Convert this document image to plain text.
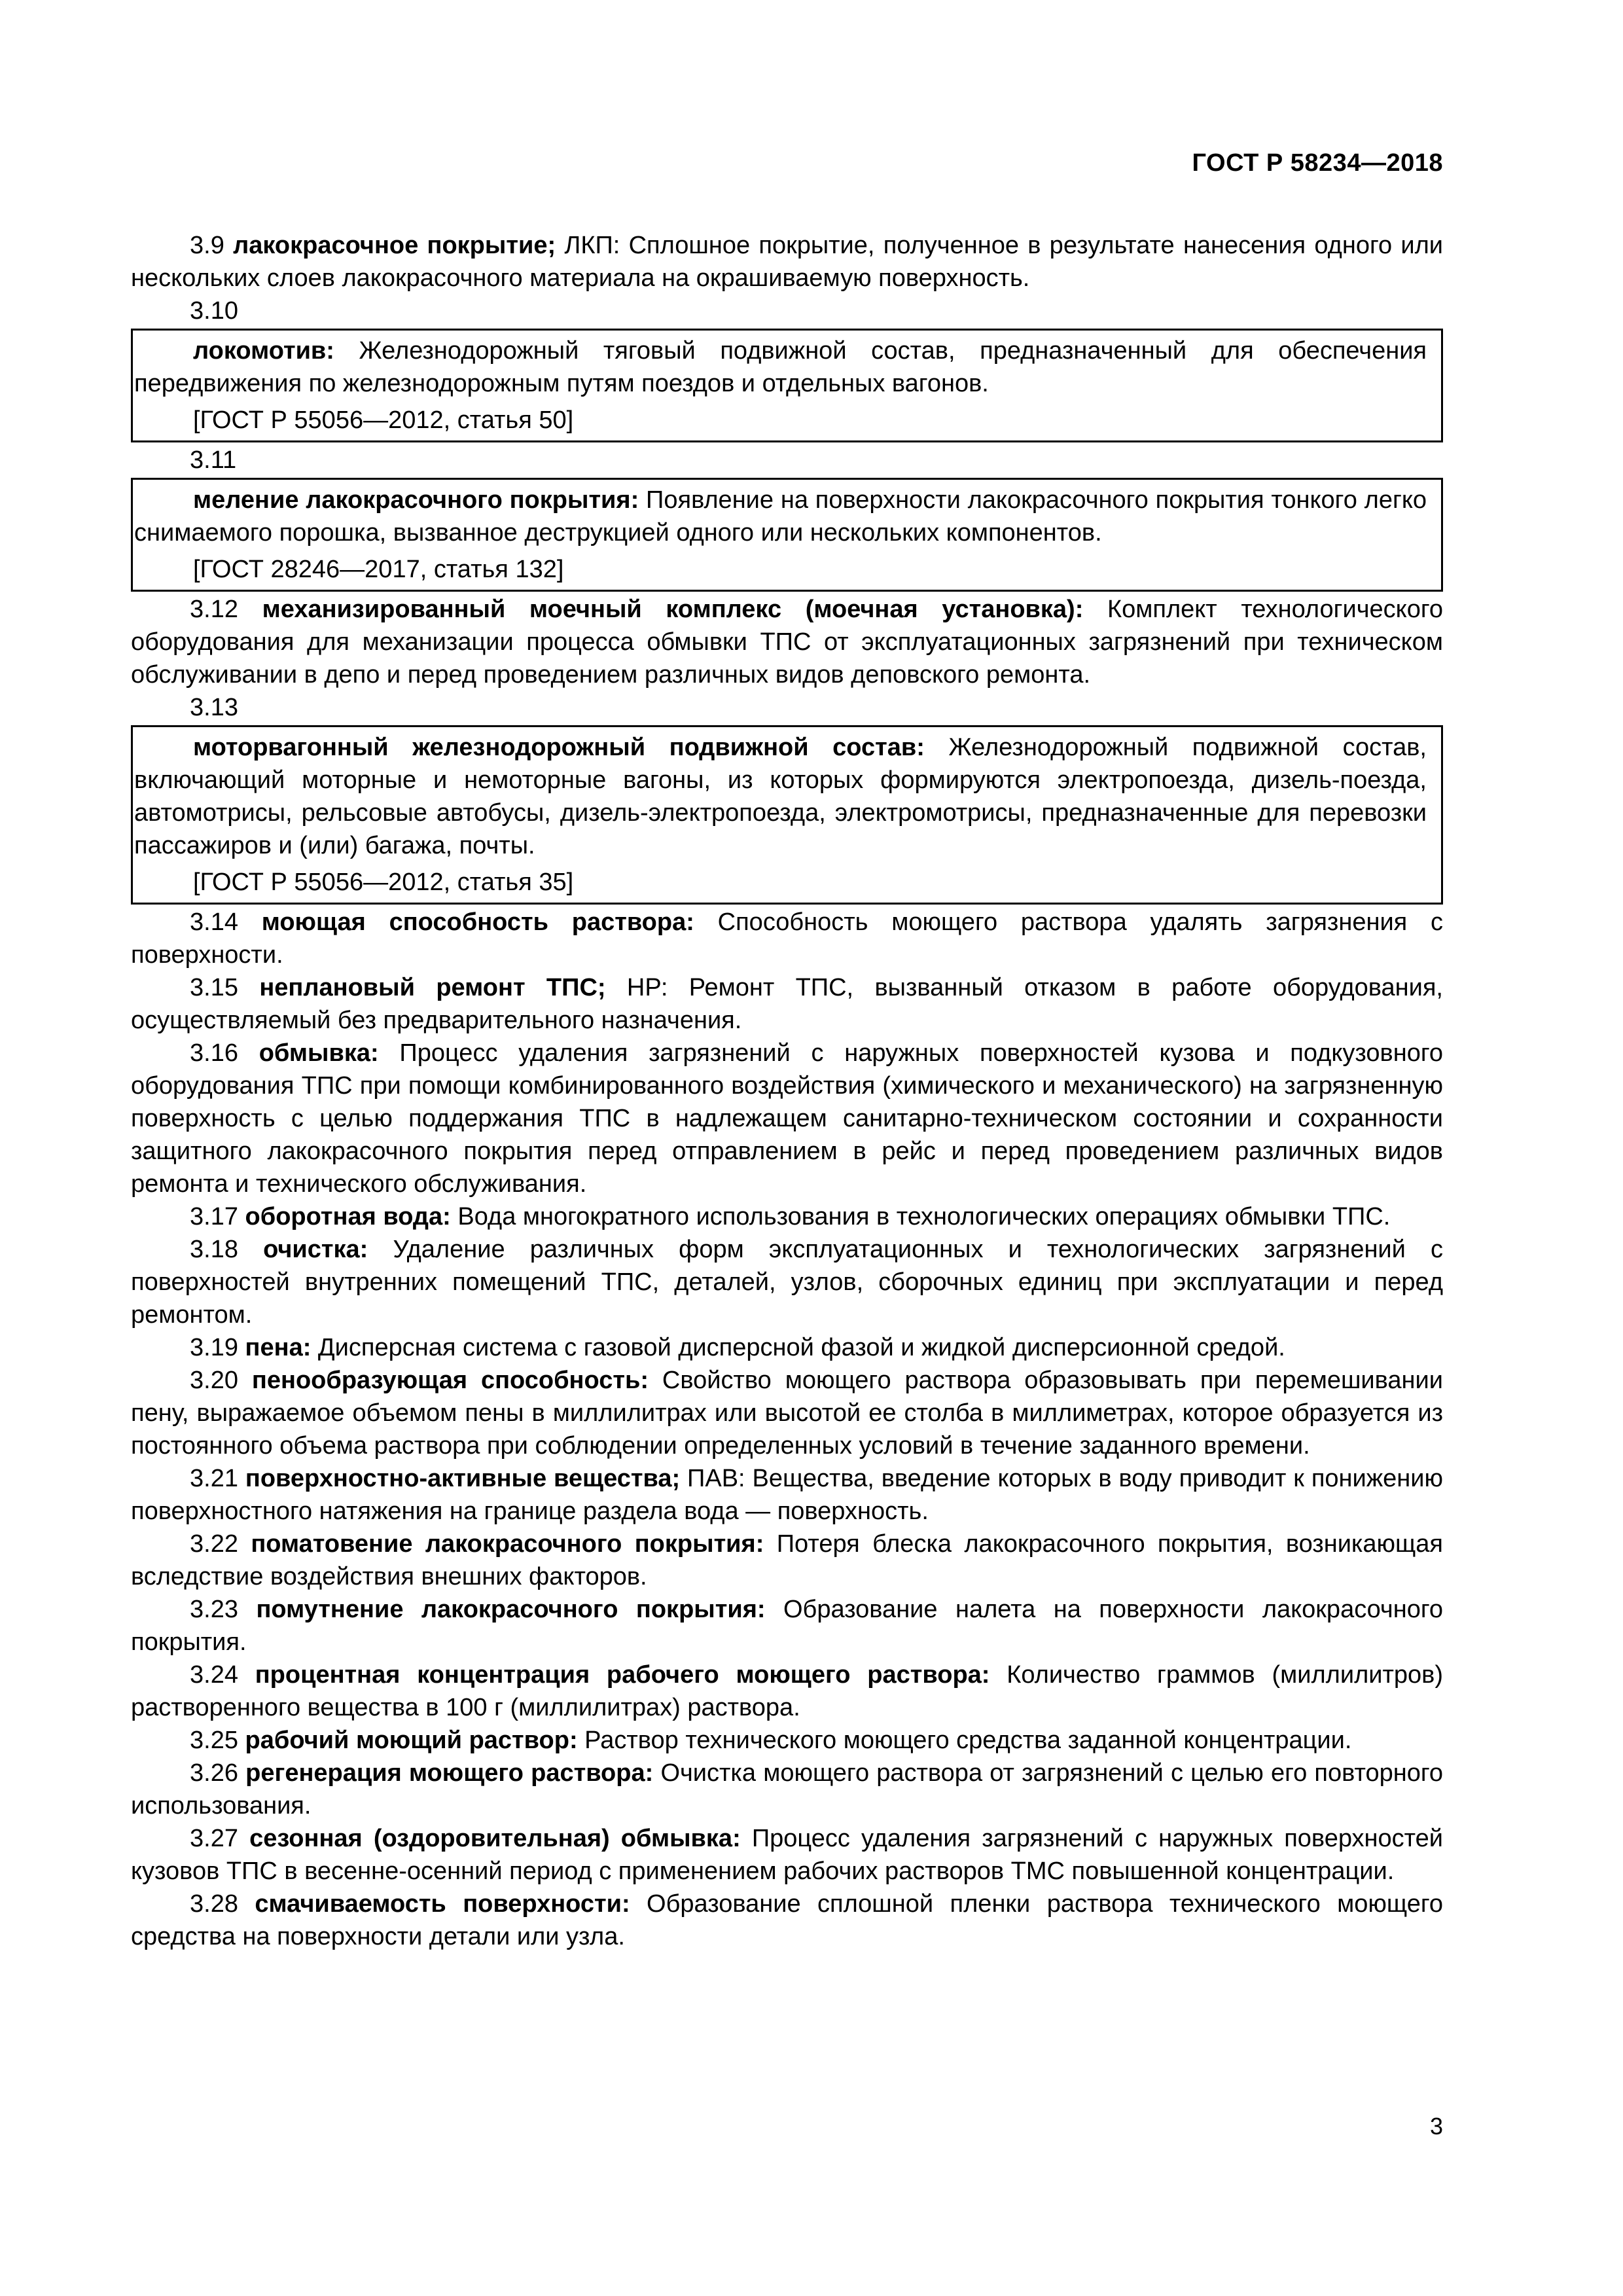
ГОСТ Р 58234—2018

3.9 лакокрасочное покрытие; ЛКП: Сплошное покрытие, полученное в результате нанесения одного или нескольких слоев лакокрасочного материала на окрашиваемую поверхность.

3.10

локомотив: Железнодорожный тяговый подвижной состав, предназначенный для обеспечения передвижения по железнодорожным путям поездов и отдельных вагонов.

[ГОСТ Р 55056—2012, статья 50]

3.11

меление лакокрасочного покрытия: Появление на поверхности лакокрасочного покрытия тонкого легко снимаемого порошка, вызванное деструкцией одного или нескольких компонентов.

[ГОСТ 28246—2017, статья 132]

3.12 механизированный моечный комплекс (моечная установка): Комплект технологического оборудования для механизации процесса обмывки ТПС от эксплуатационных загрязнений при техническом обслуживании в депо и перед проведением различных видов деповского ремонта.

3.13

моторвагонный железнодорожный подвижной состав: Железнодорожный подвижной состав, включающий моторные и немоторные вагоны, из которых формируются электропоезда, дизель-поезда, автомотрисы, рельсовые автобусы, дизель-электропоезда, электромотрисы, предназначенные для перевозки пассажиров и (или) багажа, почты.

[ГОСТ Р 55056—2012, статья 35]

3.14 моющая способность раствора: Способность моющего раствора удалять загрязнения с поверхности.

3.15 неплановый ремонт ТПС; НР: Ремонт ТПС, вызванный отказом в работе оборудования, осуществляемый без предварительного назначения.

3.16 обмывка: Процесс удаления загрязнений с наружных поверхностей кузова и подкузовного оборудования ТПС при помощи комбинированного воздействия (химического и механического) на загрязненную поверхность с целью поддержания ТПС в надлежащем санитарно-техническом состоянии и сохранности защитного лакокрасочного покрытия перед отправлением в рейс и перед проведением различных видов ремонта и технического обслуживания.

3.17 оборотная вода: Вода многократного использования в технологических операциях обмывки ТПС.

3.18 очистка: Удаление различных форм эксплуатационных и технологических загрязнений с поверхностей внутренних помещений ТПС, деталей, узлов, сборочных единиц при эксплуатации и перед ремонтом.

3.19 пена: Дисперсная система с газовой дисперсной фазой и жидкой дисперсионной средой.

3.20 пенообразующая способность: Свойство моющего раствора образовывать при перемешивании пену, выражаемое объемом пены в миллилитрах или высотой ее столба в миллиметрах, которое образуется из постоянного объема раствора при соблюдении определенных условий в течение заданного времени.

3.21 поверхностно-активные вещества; ПАВ: Вещества, введение которых в воду приводит к понижению поверхностного натяжения на границе раздела вода — поверхность.

3.22 поматовение лакокрасочного покрытия: Потеря блеска лакокрасочного покрытия, возникающая вследствие воздействия внешних факторов.

3.23 помутнение лакокрасочного покрытия: Образование налета на поверхности лакокрасочного покрытия.

3.24 процентная концентрация рабочего моющего раствора: Количество граммов (миллилитров) растворенного вещества в 100 г (миллилитрах) раствора.

3.25 рабочий моющий раствор: Раствор технического моющего средства заданной концентрации.

3.26 регенерация моющего раствора: Очистка моющего раствора от загрязнений с целью его повторного использования.

3.27 сезонная (оздоровительная) обмывка: Процесс удаления загрязнений с наружных поверхностей кузовов ТПС в весенне-осенний период с применением рабочих растворов ТМС повышенной концентрации.

3.28 смачиваемость поверхности: Образование сплошной пленки раствора технического моющего средства на поверхности детали или узла.

3
